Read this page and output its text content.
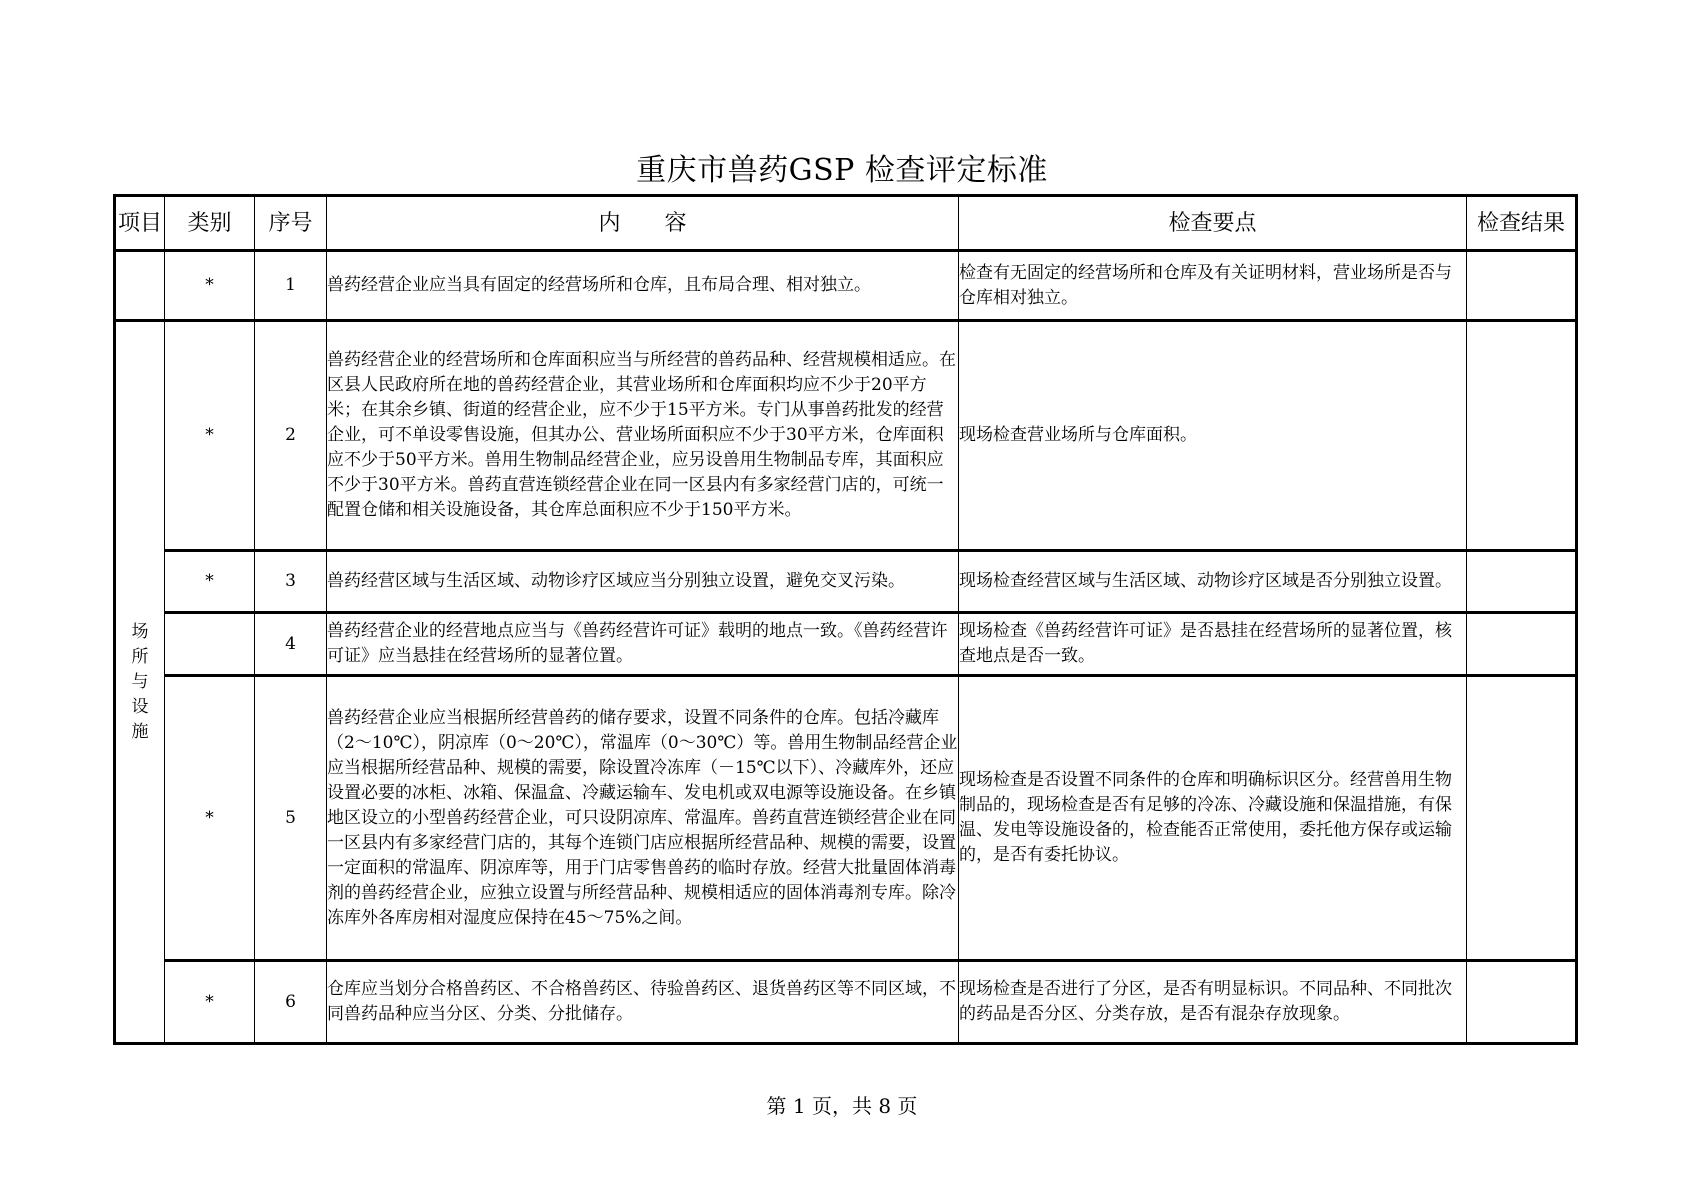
重庆市兽药GSP 检查评定标准
项目	类别	序号	内　　容	检查要点	检查结果
	*	1	兽药经营企业应当具有固定的经营场所和仓库，且布局合理、相对独立。	检查有无固定的经营场所和仓库及有关证明材料，营业场所是否与仓库相对独立。	

场所与设施	*	2	兽药经营企业的经营场所和仓库面积应当与所经营的兽药品种、经营规模相适应。在区县人民政府所在地的兽药经营企业，其营业场所和仓库面积均应不少于20平方米；在其余乡镇、街道的经营企业，应不少于15平方米。专门从事兽药批发的经营企业，可不单设零售设施，但其办公、营业场所面积应不少于30平方米，仓库面积应不少于50平方米。兽用生物制品经营企业，应另设兽用生物制品专库，其面积应不少于30平方米。兽药直营连锁经营企业在同一区县内有多家经营门店的，可统一配置仓储和相关设施设备，其仓库总面积应不少于150平方米。	现场检查营业场所与仓库面积。	
	*	3	兽药经营区域与生活区域、动物诊疗区域应当分别独立设置，避免交叉污染。	现场检查经营区域与生活区域、动物诊疗区域是否分别独立设置。	
		4	兽药经营企业的经营地点应当与《兽药经营许可证》载明的地点一致。《兽药经营许可证》应当悬挂在经营场所的显著位置。	现场检查《兽药经营许可证》是否悬挂在经营场所的显著位置，核查地点是否一致。	
	*	5	兽药经营企业应当根据所经营兽药的储存要求，设置不同条件的仓库。包括冷藏库（2～10℃），阴凉库（0～20℃），常温库（0～30℃）等。兽用生物制品经营企业应当根据所经营品种、规模的需要，除设置冷冻库（－15℃以下）、冷藏库外，还应设置必要的冰柜、冰箱、保温盒、冷藏运输车、发电机或双电源等设施设备。在乡镇地区设立的小型兽药经营企业，可只设阴凉库、常温库。兽药直营连锁经营企业在同一区县内有多家经营门店的，其每个连锁门店应根据所经营品种、规模的需要，设置一定面积的常温库、阴凉库等，用于门店零售兽药的临时存放。经营大批量固体消毒剂的兽药经营企业，应独立设置与所经营品种、规模相适应的固体消毒剂专库。除冷冻库外各库房相对湿度应保持在45～75%之间。	现场检查是否设置不同条件的仓库和明确标识区分。经营兽用生物制品的，现场检查是否有足够的冷冻、冷藏设施和保温措施，有保温、发电等设施设备的，检查能否正常使用，委托他方保存或运输的，是否有委托协议。	
	*	6	仓库应当划分合格兽药区、不合格兽药区、待验兽药区、退货兽药区等不同区域，不同兽药品种应当分区、分类、分批储存。	现场检查是否进行了分区，是否有明显标识。不同品种、不同批次的药品是否分区、分类存放，是否有混杂存放现象。	
第 1 页，共 8 页
